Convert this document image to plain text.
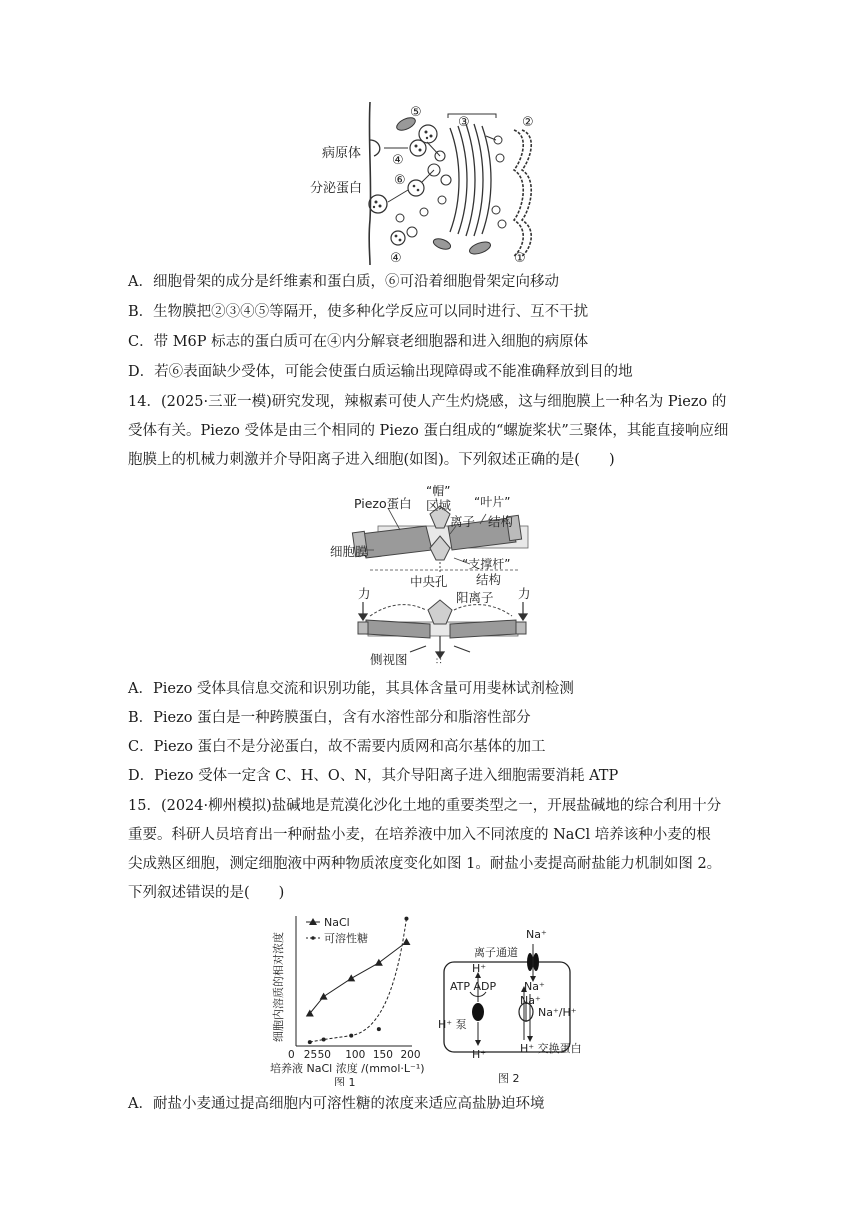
病原体
分泌蛋白
⑤
③	②
④
⑥
④	①
A．细胞骨架的成分是纤维素和蛋白质，⑥可沿着细胞骨架定向移动
B．生物膜把②③④⑤等隔开，使多种化学反应可以同时进行、互不干扰
C．带 M6P 标志的蛋白质可在④内分解衰老细胞器和进入细胞的病原体
D．若⑥表面缺少受体，可能会使蛋白质运输出现障碍或不能准确释放到目的地
14．(2025·三亚一模)研究发现，辣椒素可使人产生灼烧感，这与细胞膜上一种名为 Piezo 的
受体有关。Piezo 受体是由三个相同的 Piezo 蛋白组成的“螺旋桨状”三聚体，其能直接响应细
胞膜上的机械力刺激并介导阳离子进入细胞(如图)。下列叙述正确的是(　　)
∷
“帽”
Piezo蛋白 区域 “叶片”
离子 结构
细胞膜
“支撑杆”
中央孔 结构
力	阳离子 力
侧视图
A．Piezo 受体具信息交流和识别功能，其具体含量可用斐林试剂检测
B．Piezo 蛋白是一种跨膜蛋白，含有水溶性部分和脂溶性部分
C．Piezo 蛋白不是分泌蛋白，故不需要内质网和高尔基体的加工
D．Piezo 受体一定含 C、H、O、N，其介导阳离子进入细胞需要消耗 ATP
15．(2024·柳州模拟)盐碱地是荒漠化沙化土地的重要类型之一，开展盐碱地的综合利用十分
重要。科研人员培育出一种耐盐小麦，在培养液中加入不同浓度的 NaCl 培养该种小麦的根
尖成熟区细胞，测定细胞液中两种物质浓度变化如图 1。耐盐小麦提高耐盐能力机制如图 2。
下列叙述错误的是(　　)
细胞内溶质的相对浓度
0 25 50 100 150 200
NaCl
可溶性糖
培养液 NaCl 浓度 /(mmol·L⁻¹)
图 1
Na⁺
离子通道
Na⁺
H⁺
ATP ADP
Na⁺
H⁺ 泵
Na⁺/H⁺
H⁺	H⁺ 交换蛋白
图 2
A．耐盐小麦通过提高细胞内可溶性糖的浓度来适应高盐胁迫环境
